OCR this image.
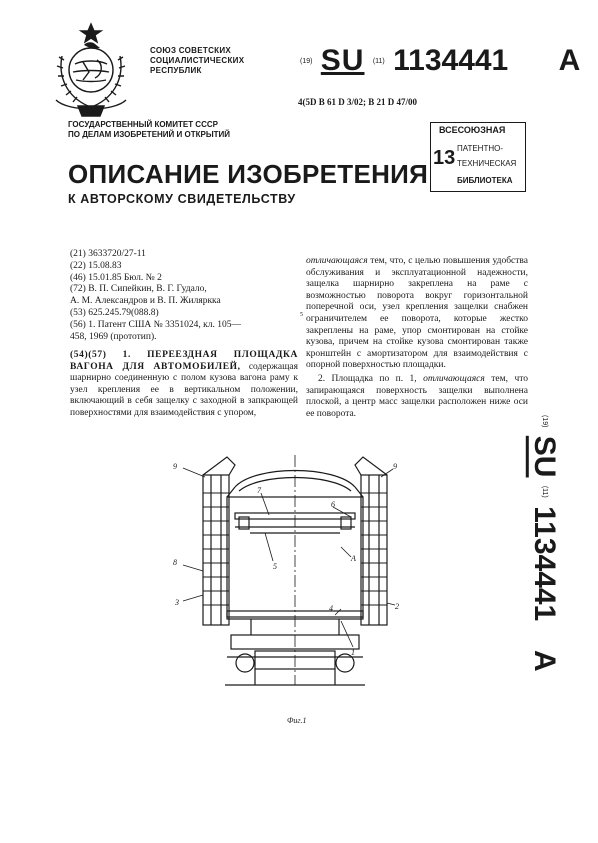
СОЮЗ СОВЕТСКИХ
СОЦИАЛИСТИЧЕСКИХ
РЕСПУБЛИК
(19) SU (11) 1134441 A
4(5D B 61 D 3/02; B 21 D 47/00
ГОСУДАРСТВЕННЫЙ КОМИТЕТ СССР
ПО ДЕЛАМ ИЗОБРЕТЕНИЙ И ОТКРЫТИЙ	ВСЕСОЮЗНАЯ
13 ПАТЕНТНО-
ТЕХНИЧЕСКАЯ
БИБЛИОТЕКА
ОПИСАНИЕ ИЗОБРЕТЕНИЯ
К АВТОРСКОМУ СВИДЕТЕЛЬСТВУ
(21) 3633720/27-11
(22) 15.08.83
(46) 15.01.85 Бюл. № 2
(72) В. П. Сипейкин, В. Г. Гудало,
А. М. Александров и В. П. Жиляркка
(53) 625.245.79(088.8)
(56) 1. Патент США № 3351024, кл. 105—
458, 1969 (прототип).
(54)(57) 1. ПЕРЕЕЗДНАЯ ПЛОЩАДКА ВАГОНА ДЛЯ АВТОМОБИЛЕЙ, содержащая шарнирно соединенную с полом кузова вагона раму к узел крепления ее в вертикальном положении, включающий в себя защелку с заходной в запкрающей поверхностями для взаимодействия с упором,
5
отличающаяся тем, что, с целью повышения удобства обслуживания и эксплуатационной надежности, защелка шарнирно закреплена на раме с возможностью поворота вокруг горизонтальной поперечной оси, узел крепления защелки снабжен ограничителем ее поворота, которые жестко закреплены на раме, упор смонтирован на стойке кузова, причем на стойке кузова смонтирован также кронштейн с амортизатором для взаимодействия с опорной поверхностью площадки.
2. Площадка по п. 1, отличающаяся тем, что запирающаяся поверхность защелки выполнена плоской, а центр масс защелки расположен ниже оси ее поворота.
(19) SU (11) 1134441 A
9
7
6
5
8
3
9
А
2
4
1
Фиг.1
